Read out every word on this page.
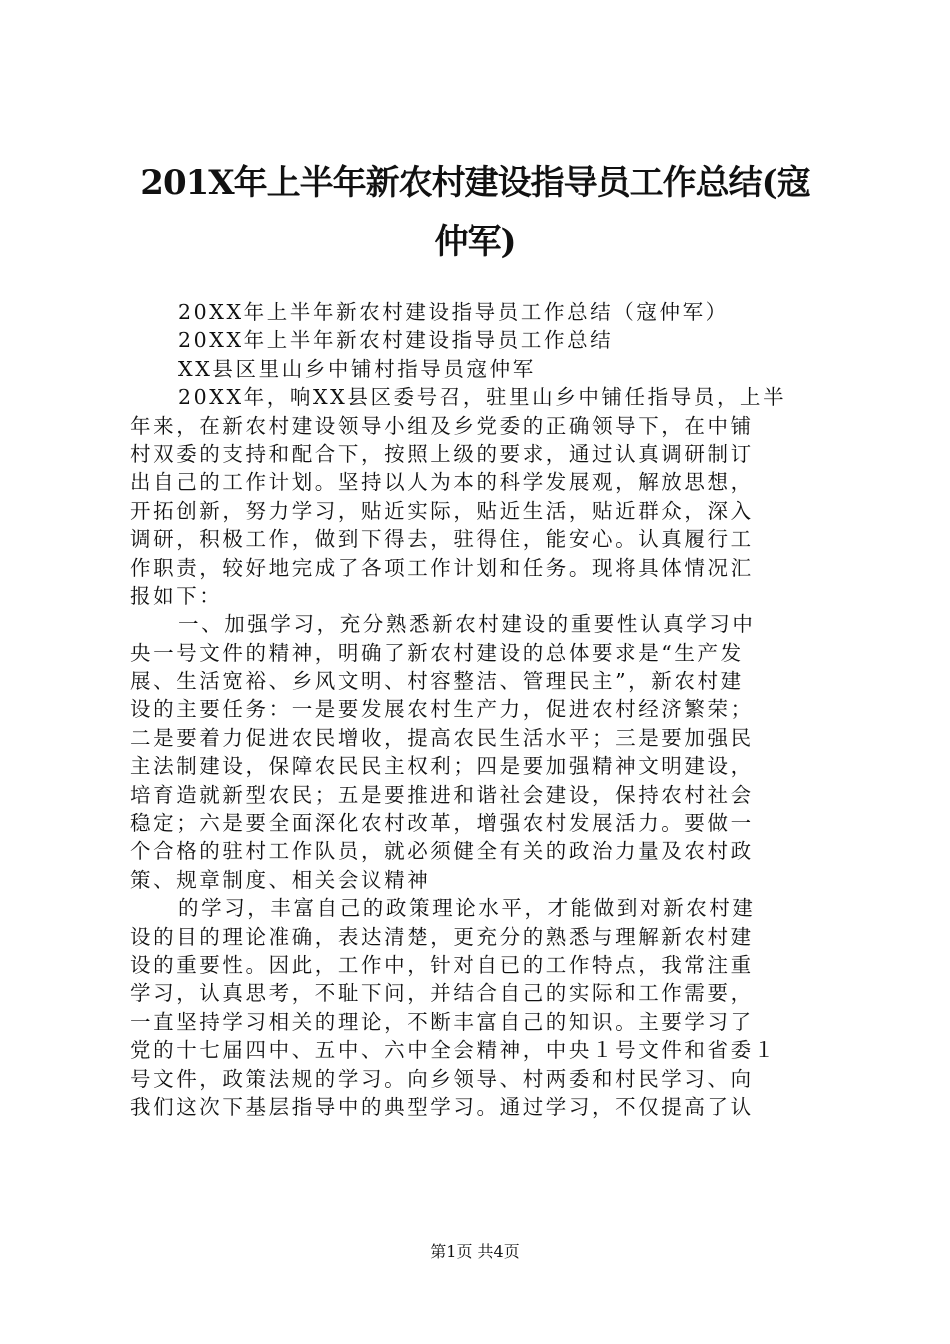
201X年上半年新农村建设指导员工作总结(寇
仲军)
20XX年上半年新农村建设指导员工作总结（寇仲军）
20XX年上半年新农村建设指导员工作总结
XX县区里山乡中铺村指导员寇仲军
20XX年，响XX县区委号召，驻里山乡中铺任指导员，上半
年来，在新农村建设领导小组及乡党委的正确领导下，在中铺
村双委的支持和配合下，按照上级的要求，通过认真调研制订
出自己的工作计划。坚持以人为本的科学发展观，解放思想，
开拓创新，努力学习，贴近实际，贴近生活，贴近群众，深入
调研，积极工作，做到下得去，驻得住，能安心。认真履行工
作职责，较好地完成了各项工作计划和任务。现将具体情况汇
报如下：
一、加强学习，充分熟悉新农村建设的重要性认真学习中
央一号文件的精神，明确了新农村建设的总体要求是“生产发
展、生活宽裕、乡风文明、村容整洁、管理民主”，新农村建
设的主要任务：一是要发展农村生产力，促进农村经济繁荣；
二是要着力促进农民增收，提高农民生活水平；三是要加强民
主法制建设，保障农民民主权利；四是要加强精神文明建设，
培育造就新型农民；五是要推进和谐社会建设，保持农村社会
稳定；六是要全面深化农村改革，增强农村发展活力。要做一
个合格的驻村工作队员，就必须健全有关的政治力量及农村政
策、规章制度、相关会议精神
的学习，丰富自己的政策理论水平，才能做到对新农村建
设的目的理论准确，表达清楚，更充分的熟悉与理解新农村建
设的重要性。因此，工作中，针对自已的工作特点，我常注重
学习，认真思考，不耻下问，并结合自己的实际和工作需要，
一直坚持学习相关的理论，不断丰富自己的知识。主要学习了
党的十七届四中、五中、六中全会精神，中央１号文件和省委１
号文件，政策法规的学习。向乡领导、村两委和村民学习、向
我们这次下基层指导中的典型学习。通过学习，不仅提高了认
第1页 共4页
